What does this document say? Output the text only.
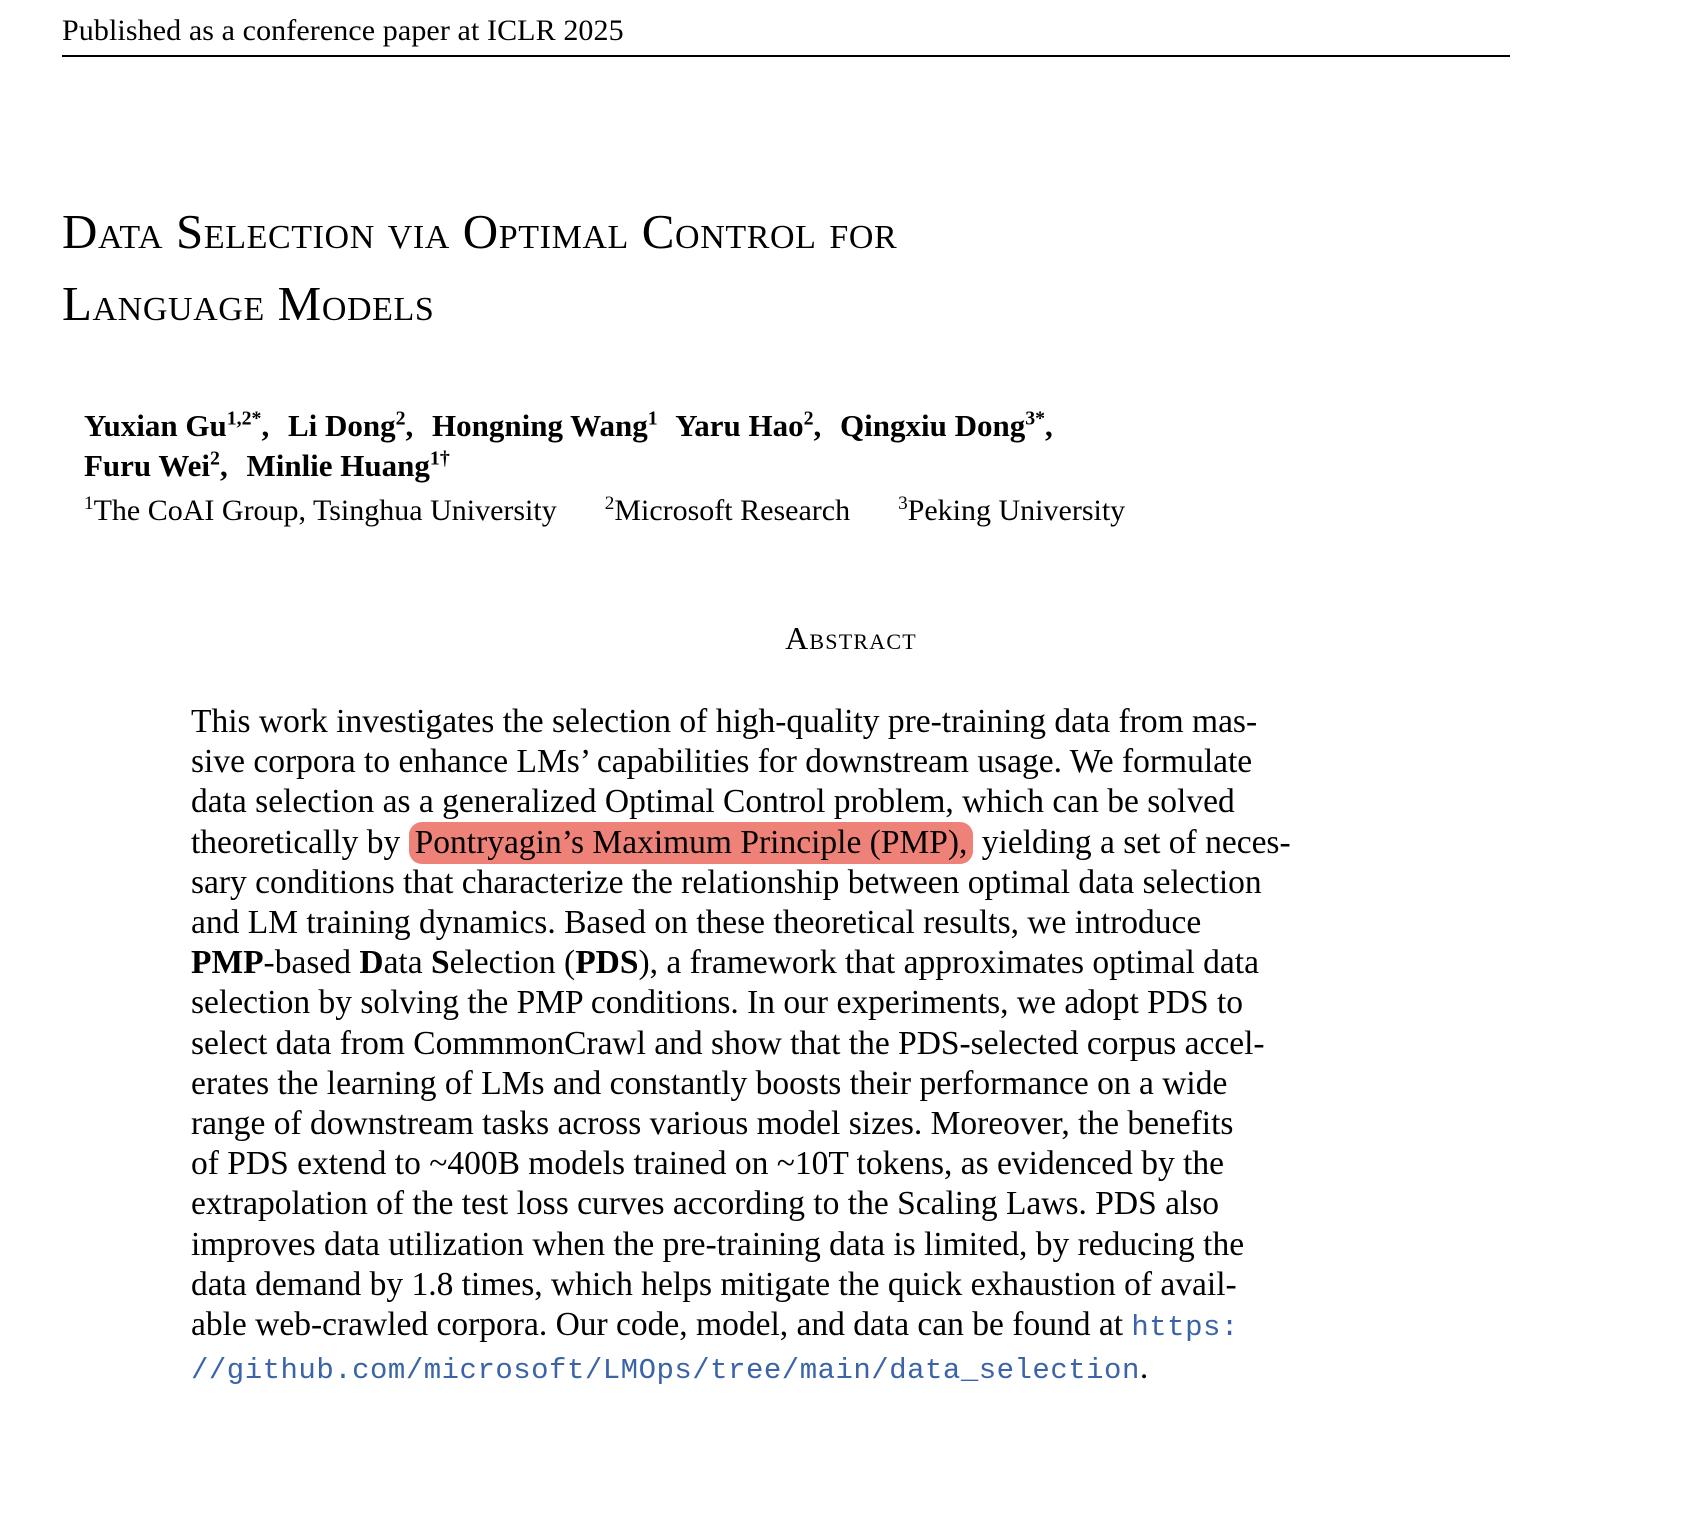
Published as a conference paper at ICLR 2025
Data Selection via Optimal Control for
Language Models
Yuxian $Gu^{1,2*}$, Li Dong$^2$, Hongning Wang$^1$ Yaru Hao$^2$, Qingxiu Dong$^{3*}$,
Furu Wei$^2$, Minlie Huang$^{1\dagger}$
$^1$The CoAI Group, Tsinghua University	$^2$Microsoft Research	$^3$Peking University
Abstract
This work investigates the selection of high-quality pre-training data from mas-
sive corpora to enhance LMs’ capabilities for downstream usage. We formulate
data selection as a generalized Optimal Control problem, which can be solved
theoretically by Pontryagin’s Maximum Principle (PMP), yielding a set of neces-
sary conditions that characterize the relationship between optimal data selection
and LM training dynamics. Based on these theoretical results, we introduce
PMP-based Data Selection (PDS), a framework that approximates optimal data
selection by solving the PMP conditions. In our experiments, we adopt PDS to
select data from CommmonCrawl and show that the PDS-selected corpus accel-
erates the learning of LMs and constantly boosts their performance on a wide
range of downstream tasks across various model sizes. Moreover, the benefits
of PDS extend to ~400B models trained on ~10T tokens, as evidenced by the
extrapolation of the test loss curves according to the Scaling Laws. PDS also
improves data utilization when the pre-training data is limited, by reducing the
data demand by 1.8 times, which helps mitigate the quick exhaustion of avail-
able web-crawled corpora. Our code, model, and data can be found at https:
//github.com/microsoft/LMOps/tree/main/data_selection.
